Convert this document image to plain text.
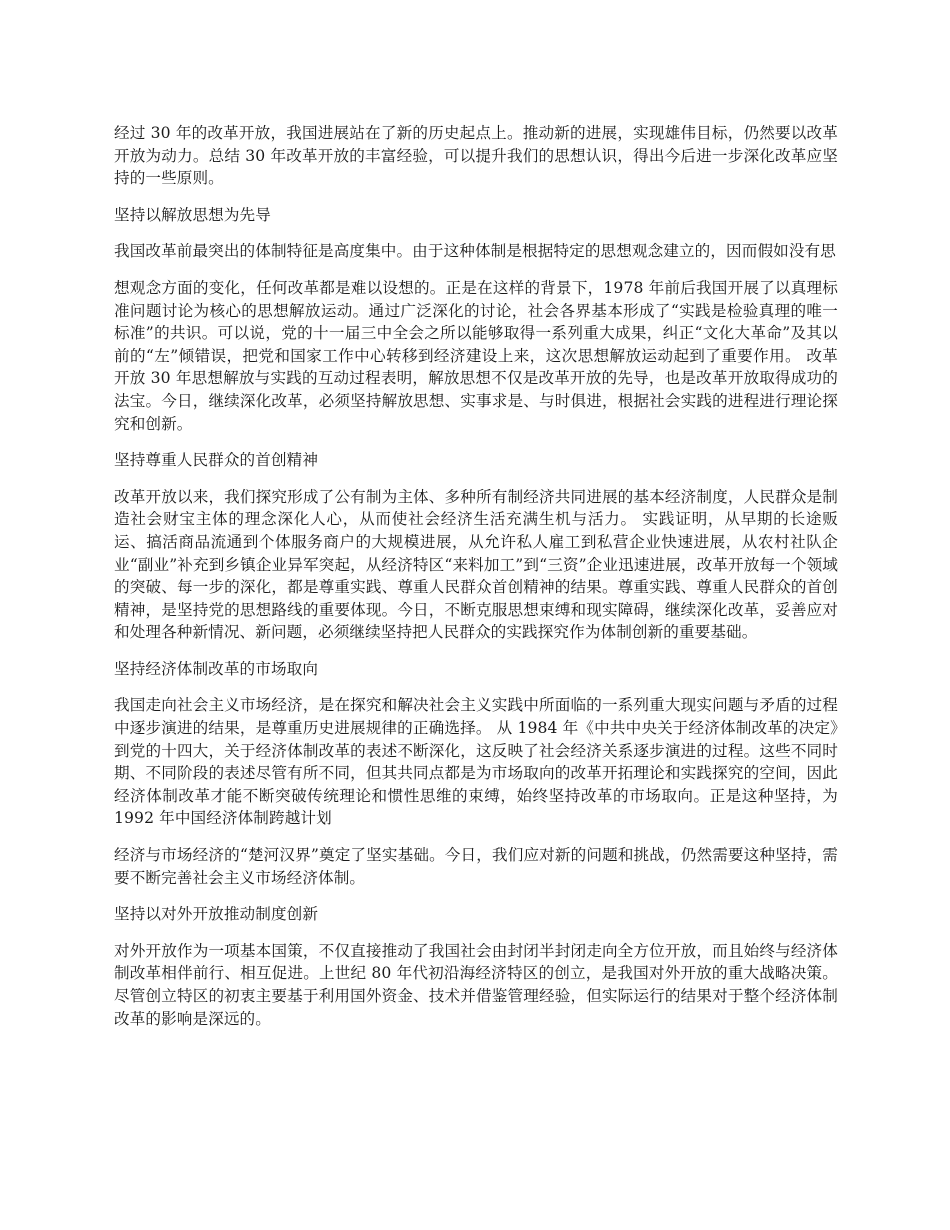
经过 30 年的改革开放，我国进展站在了新的历史起点上。推动新的进展，实现雄伟目标，仍然要以改革开放为动力。总结 30 年改革开放的丰富经验，可以提升我们的思想认识，得出今后进一步深化改革应坚持的一些原则。

坚持以解放思想为先导

我国改革前最突出的体制特征是高度集中。由于这种体制是根据特定的思想观念建立的，因而假如没有思

想观念方面的变化，任何改革都是难以设想的。正是在这样的背景下，1978 年前后我国开展了以真理标准问题讨论为核心的思想解放运动。通过广泛深化的讨论，社会各界基本形成了“实践是检验真理的唯一标准”的共识。可以说，党的十一届三中全会之所以能够取得一系列重大成果，纠正“文化大革命”及其以前的“左”倾错误，把党和国家工作中心转移到经济建设上来，这次思想解放运动起到了重要作用。 改革开放 30 年思想解放与实践的互动过程表明，解放思想不仅是改革开放的先导，也是改革开放取得成功的法宝。今日，继续深化改革，必须坚持解放思想、实事求是、与时俱进，根据社会实践的进程进行理论探究和创新。

坚持尊重人民群众的首创精神

改革开放以来，我们探究形成了公有制为主体、多种所有制经济共同进展的基本经济制度，人民群众是制造社会财宝主体的理念深化人心，从而使社会经济生活充满生机与活力。 实践证明，从早期的长途贩运、搞活商品流通到个体服务商户的大规模进展，从允许私人雇工到私营企业快速进展，从农村社队企业“副业”补充到乡镇企业异军突起，从经济特区“来料加工”到“三资”企业迅速进展，改革开放每一个领域的突破、每一步的深化，都是尊重实践、尊重人民群众首创精神的结果。尊重实践、尊重人民群众的首创精神，是坚持党的思想路线的重要体现。今日，不断克服思想束缚和现实障碍，继续深化改革，妥善应对和处理各种新情况、新问题，必须继续坚持把人民群众的实践探究作为体制创新的重要基础。

坚持经济体制改革的市场取向

我国走向社会主义市场经济，是在探究和解决社会主义实践中所面临的一系列重大现实问题与矛盾的过程中逐步演进的结果，是尊重历史进展规律的正确选择。 从 1984 年《中共中央关于经济体制改革的决定》到党的十四大，关于经济体制改革的表述不断深化，这反映了社会经济关系逐步演进的过程。这些不同时期、不同阶段的表述尽管有所不同，但其共同点都是为市场取向的改革开拓理论和实践探究的空间，因此经济体制改革才能不断突破传统理论和惯性思维的束缚，始终坚持改革的市场取向。正是这种坚持，为 1992 年中国经济体制跨越计划

经济与市场经济的“楚河汉界”奠定了坚实基础。今日，我们应对新的问题和挑战，仍然需要这种坚持，需要不断完善社会主义市场经济体制。

坚持以对外开放推动制度创新

对外开放作为一项基本国策，不仅直接推动了我国社会由封闭半封闭走向全方位开放，而且始终与经济体制改革相伴前行、相互促进。上世纪 80 年代初沿海经济特区的创立，是我国对外开放的重大战略决策。尽管创立特区的初衷主要基于利用国外资金、技术并借鉴管理经验，但实际运行的结果对于整个经济体制改革的影响是深远的。
